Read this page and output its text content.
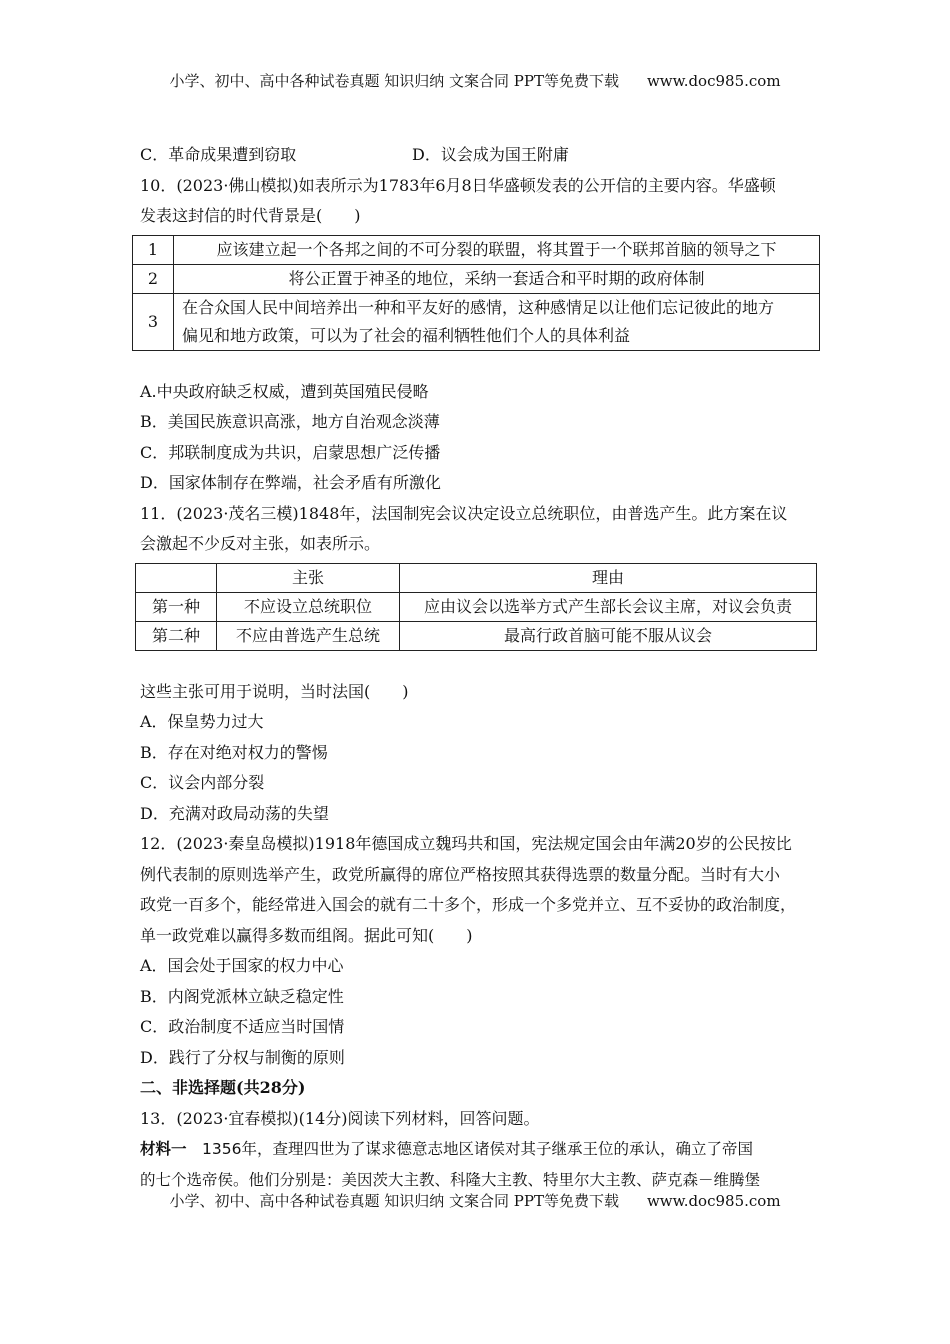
小学、初中、高中各种试卷真题 知识归纳 文案合同 PPT等免费下载 www.doc985.com
C．革命成果遭到窃取	D．议会成为国王附庸
10．(2023·佛山模拟)如表所示为1783年6月8日华盛顿发表的公开信的主要内容。华盛顿
发表这封信的时代背景是(　　)
1	应该建立起一个各邦之间的不可分裂的联盟，将其置于一个联邦首脑的领导之下
2	将公正置于神圣的地位，采纳一套适合和平时期的政府体制
3	在合众国人民中间培养出一种和平友好的感情，这种感情足以让他们忘记彼此的地方
偏见和地方政策，可以为了社会的福利牺牲他们个人的具体利益
A.中央政府缺乏权威，遭到英国殖民侵略
B．美国民族意识高涨，地方自治观念淡薄
C．邦联制度成为共识，启蒙思想广泛传播
D．国家体制存在弊端，社会矛盾有所激化
11．(2023·茂名三模)1848年，法国制宪会议决定设立总统职位，由普选产生。此方案在议
会激起不少反对主张，如表所示。
	主张	理由
第一种	不应设立总统职位	应由议会以选举方式产生部长会议主席，对议会负责
第二种	不应由普选产生总统	最高行政首脑可能不服从议会
这些主张可用于说明，当时法国(　　)
A．保皇势力过大
B．存在对绝对权力的警惕
C．议会内部分裂
D．充满对政局动荡的失望
12．(2023·秦皇岛模拟)1918年德国成立魏玛共和国，宪法规定国会由年满20岁的公民按比
例代表制的原则选举产生，政党所赢得的席位严格按照其获得选票的数量分配。当时有大小
政党一百多个，能经常进入国会的就有二十多个，形成一个多党并立、互不妥协的政治制度，
单一政党难以赢得多数而组阁。据此可知(　　)
A．国会处于国家的权力中心
B．内阁党派林立缺乏稳定性
C．政治制度不适应当时国情
D．践行了分权与制衡的原则
二、非选择题(共28分)
13．(2023·宜春模拟)(14分)阅读下列材料，回答问题。
材料一　1356年，查理四世为了谋求德意志地区诸侯对其子继承王位的承认，确立了帝国
的七个选帝侯。他们分别是：美因茨大主教、科隆大主教、特里尔大主教、萨克森－维腾堡
小学、初中、高中各种试卷真题 知识归纳 文案合同 PPT等免费下载 www.doc985.com
